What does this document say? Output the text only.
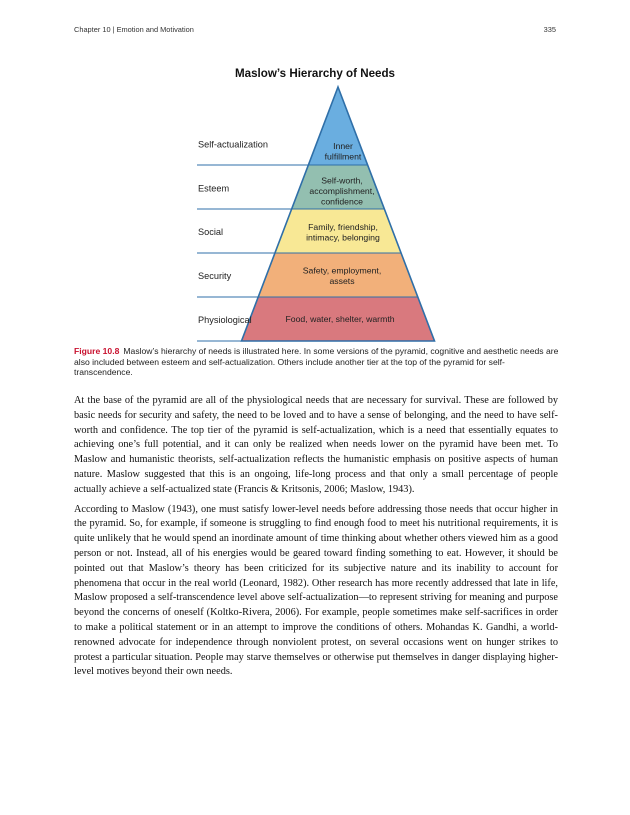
Chapter 10 | Emotion and Motivation	335
Maslow’s Hierarchy of Needs
Self-actualization
Esteem
Social
Security
Physiological
Inner
fulfillment
Self-worth,
accomplishment,
confidence
Family, friendship,
intimacy, belonging
Safety, employment,
assets
Food, water, shelter, warmth
Figure 10.8 Maslow’s hierarchy of needs is illustrated here. In some versions of the pyramid, cognitive and aesthetic needs are also included between esteem and self-actualization. Others include another tier at the top of the pyramid for self-transcendence.

At the base of the pyramid are all of the physiological needs that are necessary for survival. These are followed by basic needs for security and safety, the need to be loved and to have a sense of belonging, and the need to have self-worth and confidence. The top tier of the pyramid is self-actualization, which is a need that essentially equates to achieving one’s full potential, and it can only be realized when needs lower on the pyramid have been met. To Maslow and humanistic theorists, self-actualization reflects the humanistic emphasis on positive aspects of human nature. Maslow suggested that this is an ongoing, life-long process and that only a small percentage of people actually achieve a self-actualized state (Francis & Kritsonis, 2006; Maslow, 1943).

According to Maslow (1943), one must satisfy lower-level needs before addressing those needs that occur higher in the pyramid. So, for example, if someone is struggling to find enough food to meet his nutritional requirements, it is quite unlikely that he would spend an inordinate amount of time thinking about whether others viewed him as a good person or not. Instead, all of his energies would be geared toward finding something to eat. However, it should be pointed out that Maslow’s theory has been criticized for its subjective nature and its inability to account for phenomena that occur in the real world (Leonard, 1982). Other research has more recently addressed that late in life, Maslow proposed a self-transcendence level above self-actualization—to represent striving for meaning and purpose beyond the concerns of oneself (Koltko-Rivera, 2006). For example, people sometimes make self-sacrifices in order to make a political statement or in an attempt to improve the conditions of others. Mohandas K. Gandhi, a world-renowned advocate for independence through nonviolent protest, on several occasions went on hunger strikes to protest a particular situation. People may starve themselves or otherwise put themselves in danger displaying higher-level motives beyond their own needs.
